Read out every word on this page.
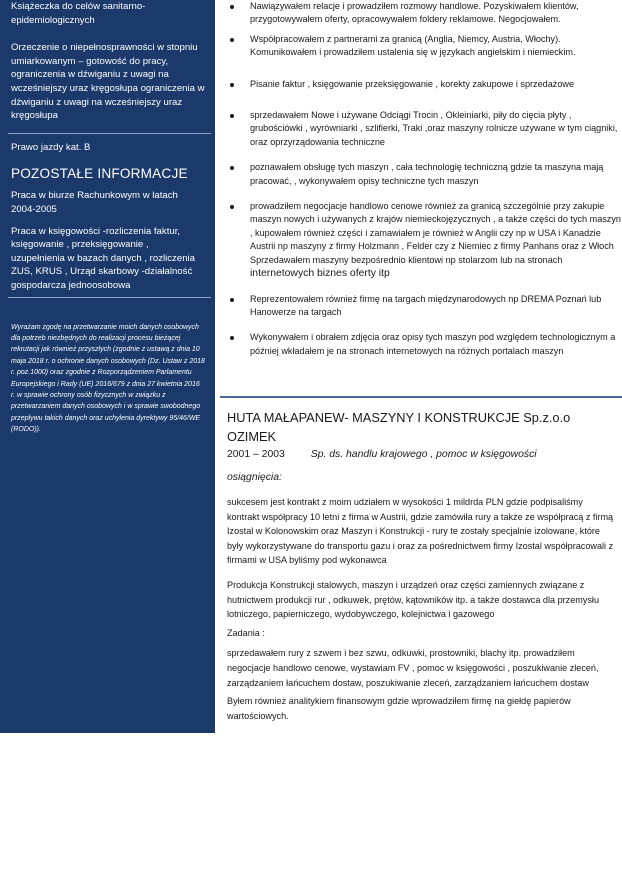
Książeczka do celów sanitarno-

epidemiologicznych

Orzeczenie o niepełnosprawności w stopniu umiarkowanym – gotowość do pracy, ograniczenia w dźwiganiu z uwagi na wcześniejszy uraz kręgosłupa ograniczenia w dźwiganiu z uwagi na wcześniejszy uraz kręgosłupa

Prawo jazdy kat. B

POZOSTAŁE INFORMACJE

Praca w biurze Rachunkowym w latach 2004-2005

Praca w księgowości -rozliczenia faktur, księgowanie , przeksięgowanie , uzupełnienia w bazach danych , rozliczenia ZUS, KRUS , Urząd skarbowy -działalność gospodarcza jednoosobowa

Wyrażam zgodę na przetwarzanie moich danych osobowych dla potrzeb niezbędnych do realizacji procesu bieżącej rekrutacji jak również przyszłych (zgodnie z ustawą z dnia 10 maja 2018 r. o ochronie danych osobowych (Dz. Ustaw z 2018 r. poz.1000) oraz zgodnie z Rozporządzeniem Parlamentu Europejskiego i Rady (UE) 2016/679 z dnia 27 kwietnia 2016 r. w sprawie ochrony osób fizycznych w związku z przetwarzaniem danych osobowych i w sprawie swobodnego przepływu takich danych oraz uchylenia dyrektywy 95/46/WE (RODO)).

Nawiązywałem relacje i prowadziłem rozmowy handlowe. Pozyskiwałem klientów, przygotowywałem oferty, opracowywałem foldery reklamowe. Negocjowałem.
Współpracowałem z partnerami za granicą (Anglia, Niemcy, Austria, Włochy). Komunikowałem i prowadziłem ustalenia się w językach angielskim i niemieckim.
Pisanie faktur , księgowanie przeksięgowanie , korekty zakupowe i sprzedażowe
sprzedawałem Nowe i używane Odciągi Trocin , Okleiniarki, piły do cięcia płyty , grubościówki , wyrówniarki , szlifierki, Traki ,oraz maszyny rolnicze używane w tym ciągniki, oraz oprzyrządowania techniczne
poznawałem obsługę tych maszyn , cała technologię techniczną gdzie ta maszyna mają pracować, , wykonywałem opisy techniczne tych maszyn
prowadziłem negocjacje handlowo cenowe również za granicą szczególnie przy zakupie maszyn nowych i używanych z krajów niemieckojęzycznych , a także części do tych maszyn , kupowałem również części i zamawiałem je również w Anglii czy np w USA i Kanadzie Austrii np maszyny z firmy Holzmann , Felder czy z Niemiec z firmy Panhans oraz z Włoch Sprzedawałem maszyny bezpośrednio klientowi np stolarzom lub na stronach internetowych biznes oferty itp
Reprezentowałem również firmę na targach międzynarodowych np DREMA Poznań lub Hanowerze na targach
Wykonywałem i obrałem zdjęcia oraz opisy tych maszyn pod względem technologicznym a później wkładałem je na stronach internetowych na różnych portalach maszyn

HUTA MAŁAPANEW- MASZYNY I KONSTRUKCJE Sp.z.o.o OZIMEK

2001 – 2003	Sp. ds. handlu krajowego , pomoc w księgowości

osiągnięcia:

sukcesem jest kontrakt z moim udziałem w wysokości 1 mildrda PLN gdzie podpisaliśmy kontrakt współpracy 10 letni z firma w Austrii, gdzie zamówiła rury a także ze współpracą z firmą Izostal w Kolonowskim oraz Maszyn i Konstrukcji - rury te zostały specjalnie izolowane, które były wykorzystywane do transportu gazu i oraz za pośrednictwem firmy Izostal współpracowali z firmami w USA byliśmy pod wykonawca

Produkcja Konstrukcji stalowych, maszyn i urządzeń oraz części zamiennych związane z hutnictwem produkcji rur , odkuwek, prętów, kątowników itp. a także dostawca dla przemysłu lotniczego, papierniczego, wydobywczego, kolejnictwa i gazowego

Zadania :

sprzedawałem rury z szwem i bez szwu, odkuwki, prostowniki, blachy itp. prowadziłem negocjacje handlowo cenowe, wystawiam FV , pomoc w księgowości , poszukiwanie zleceń, zarządzaniem łańcuchem dostaw, poszukiwanie zleceń, zarządzaniem łańcuchem dostaw

Byłem również analitykiem finansowym gdzie wprowadziłem firmę na giełdę papierów wartościowych.
